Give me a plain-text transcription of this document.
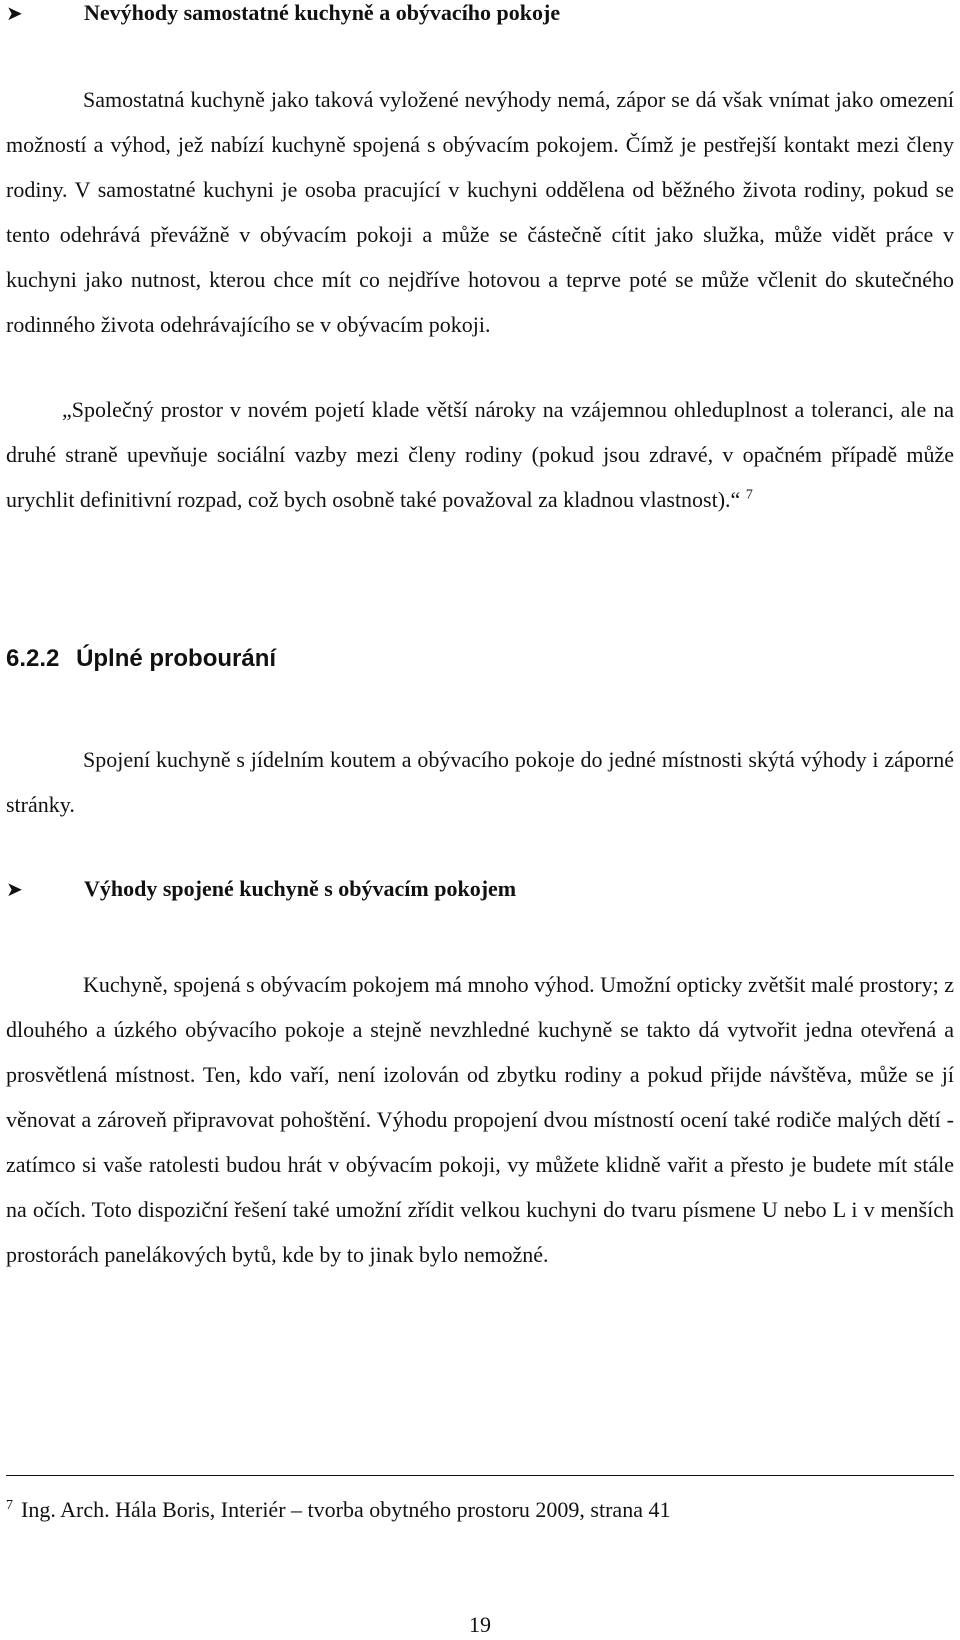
➤	Nevýhody samostatné kuchyně a obývacího pokoje

Samostatná kuchyně jako taková vyložené nevýhody nemá, zápor se dá však vnímat jako omezení možností a výhod, jež nabízí kuchyně spojená s obývacím pokojem. Čímž je pestřejší kontakt mezi členy rodiny. V samostatné kuchyni je osoba pracující v kuchyni oddělena od běžného života rodiny, pokud se tento odehrává převážně v obývacím pokoji a může se částečně cítit jako služka, může vidět práce v kuchyni jako nutnost, kterou chce mít co nejdříve hotovou a teprve poté se může včlenit do skutečného rodinného života odehrávajícího se v obývacím pokoji.

„Společný prostor v novém pojetí klade větší nároky na vzájemnou ohleduplnost a toleranci, ale na druhé straně upevňuje sociální vazby mezi členy rodiny (pokud jsou zdravé, v opačném případě může urychlit definitivní rozpad, což bych osobně také považoval za kladnou vlastnost).“ $^7$

6.2.2 Úplné probourání

Spojení kuchyně s jídelním koutem a obývacího pokoje do jedné místnosti skýtá výhody i záporné stránky.

➤	Výhody spojené kuchyně s obývacím pokojem

Kuchyně, spojená s obývacím pokojem má mnoho výhod. Umožní opticky zvětšit malé prostory; z dlouhého a úzkého obývacího pokoje a stejně nevzhledné kuchyně se takto dá vytvořit jedna otevřená a prosvětlená místnost. Ten, kdo vaří, není izolován od zbytku rodiny a pokud přijde návštěva, může se jí věnovat a zároveň připravovat pohoštění. Výhodu propojení dvou místností ocení také rodiče malých dětí - zatímco si vaše ratolesti budou hrát v obývacím pokoji, vy můžete klidně vařit a přesto je budete mít stále na očích. Toto dispoziční řešení také umožní zřídit velkou kuchyni do tvaru písmene U nebo L i v menších prostorách panelákových bytů, kde by to jinak bylo nemožné.

$^7$ Ing. Arch. Hála Boris, Interiér – tvorba obytného prostoru 2009, strana 41
19
